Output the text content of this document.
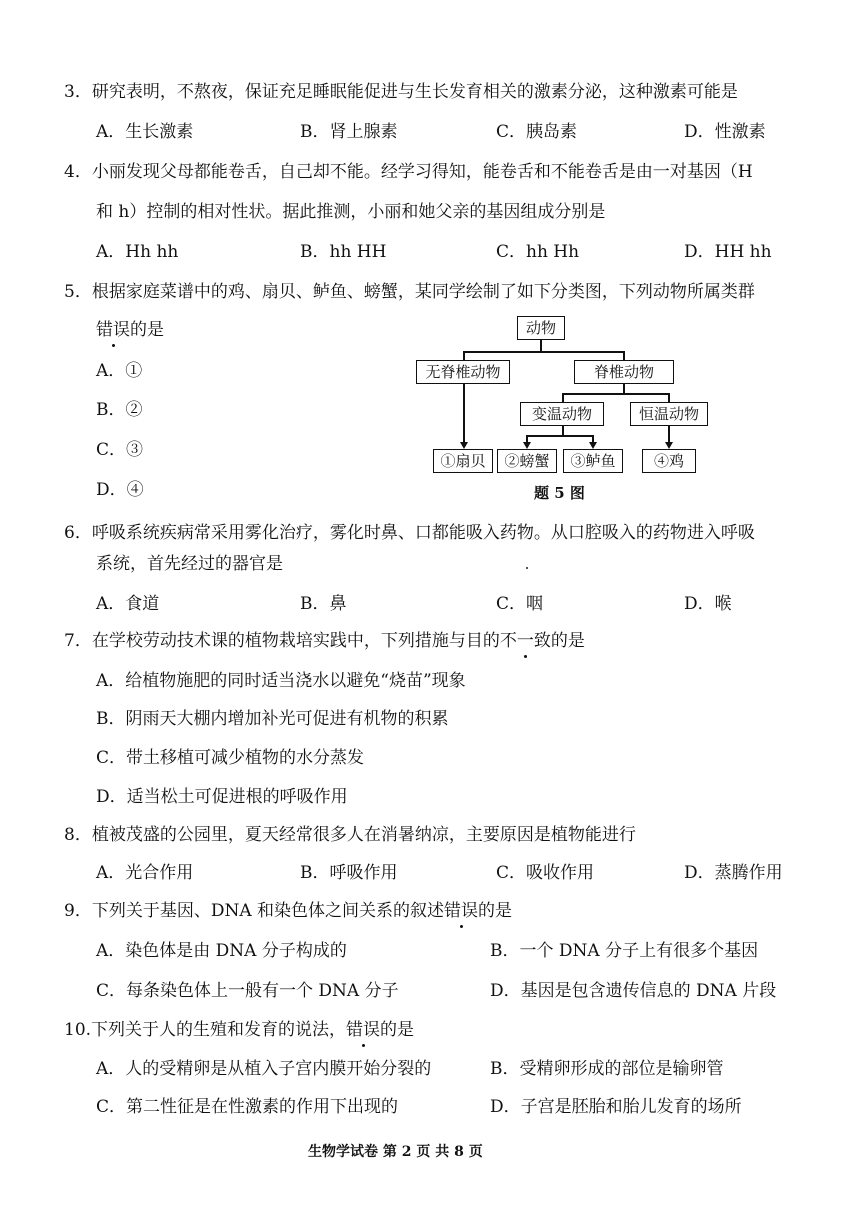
3．研究表明，不熬夜，保证充足睡眠能促进与生长发育相关的激素分泌，这种激素可能是
A．生长激素	B．肾上腺素	C．胰岛素	D．性激素
4．小丽发现父母都能卷舌，自己却不能。经学习得知，能卷舌和不能卷舌是由一对基因（H
和 h）控制的相对性状。据此推测，小丽和她父亲的基因组成分别是
A．Hh hh	B．hh HH	C．hh Hh	D．HH hh
5．根据家庭菜谱中的鸡、扇贝、鲈鱼、螃蟹，某同学绘制了如下分类图，下列动物所属类群
错误的是
A．①
B．②
C．③
D．④
动物
无脊椎动物	脊椎动物
变温动物	恒温动物
①扇贝	②螃蟹	③鲈鱼	④鸡
题 5 图
6．呼吸系统疾病常采用雾化治疗，雾化时鼻、口都能吸入药物。从口腔吸入的药物进入呼吸
系统，首先经过的器官是
A．食道	B．鼻	C．咽	D．喉
7．在学校劳动技术课的植物栽培实践中，下列措施与目的不一致的是
A．给植物施肥的同时适当浇水以避免“烧苗”现象
B．阴雨天大棚内增加补光可促进有机物的积累
C．带土移植可减少植物的水分蒸发
D．适当松土可促进根的呼吸作用
8．植被茂盛的公园里，夏天经常很多人在消暑纳凉，主要原因是植物能进行
A．光合作用	B．呼吸作用	C．吸收作用	D．蒸腾作用
9．下列关于基因、DNA 和染色体之间关系的叙述错误的是
A．染色体是由 DNA 分子构成的	B．一个 DNA 分子上有很多个基因
C．每条染色体上一般有一个 DNA 分子	D．基因是包含遗传信息的 DNA 片段
10.下列关于人的生殖和发育的说法，错误的是
A．人的受精卵是从植入子宫内膜开始分裂的	B．受精卵形成的部位是输卵管
C．第二性征是在性激素的作用下出现的	D．子宫是胚胎和胎儿发育的场所
生物学试卷 第 2 页 共 8 页
